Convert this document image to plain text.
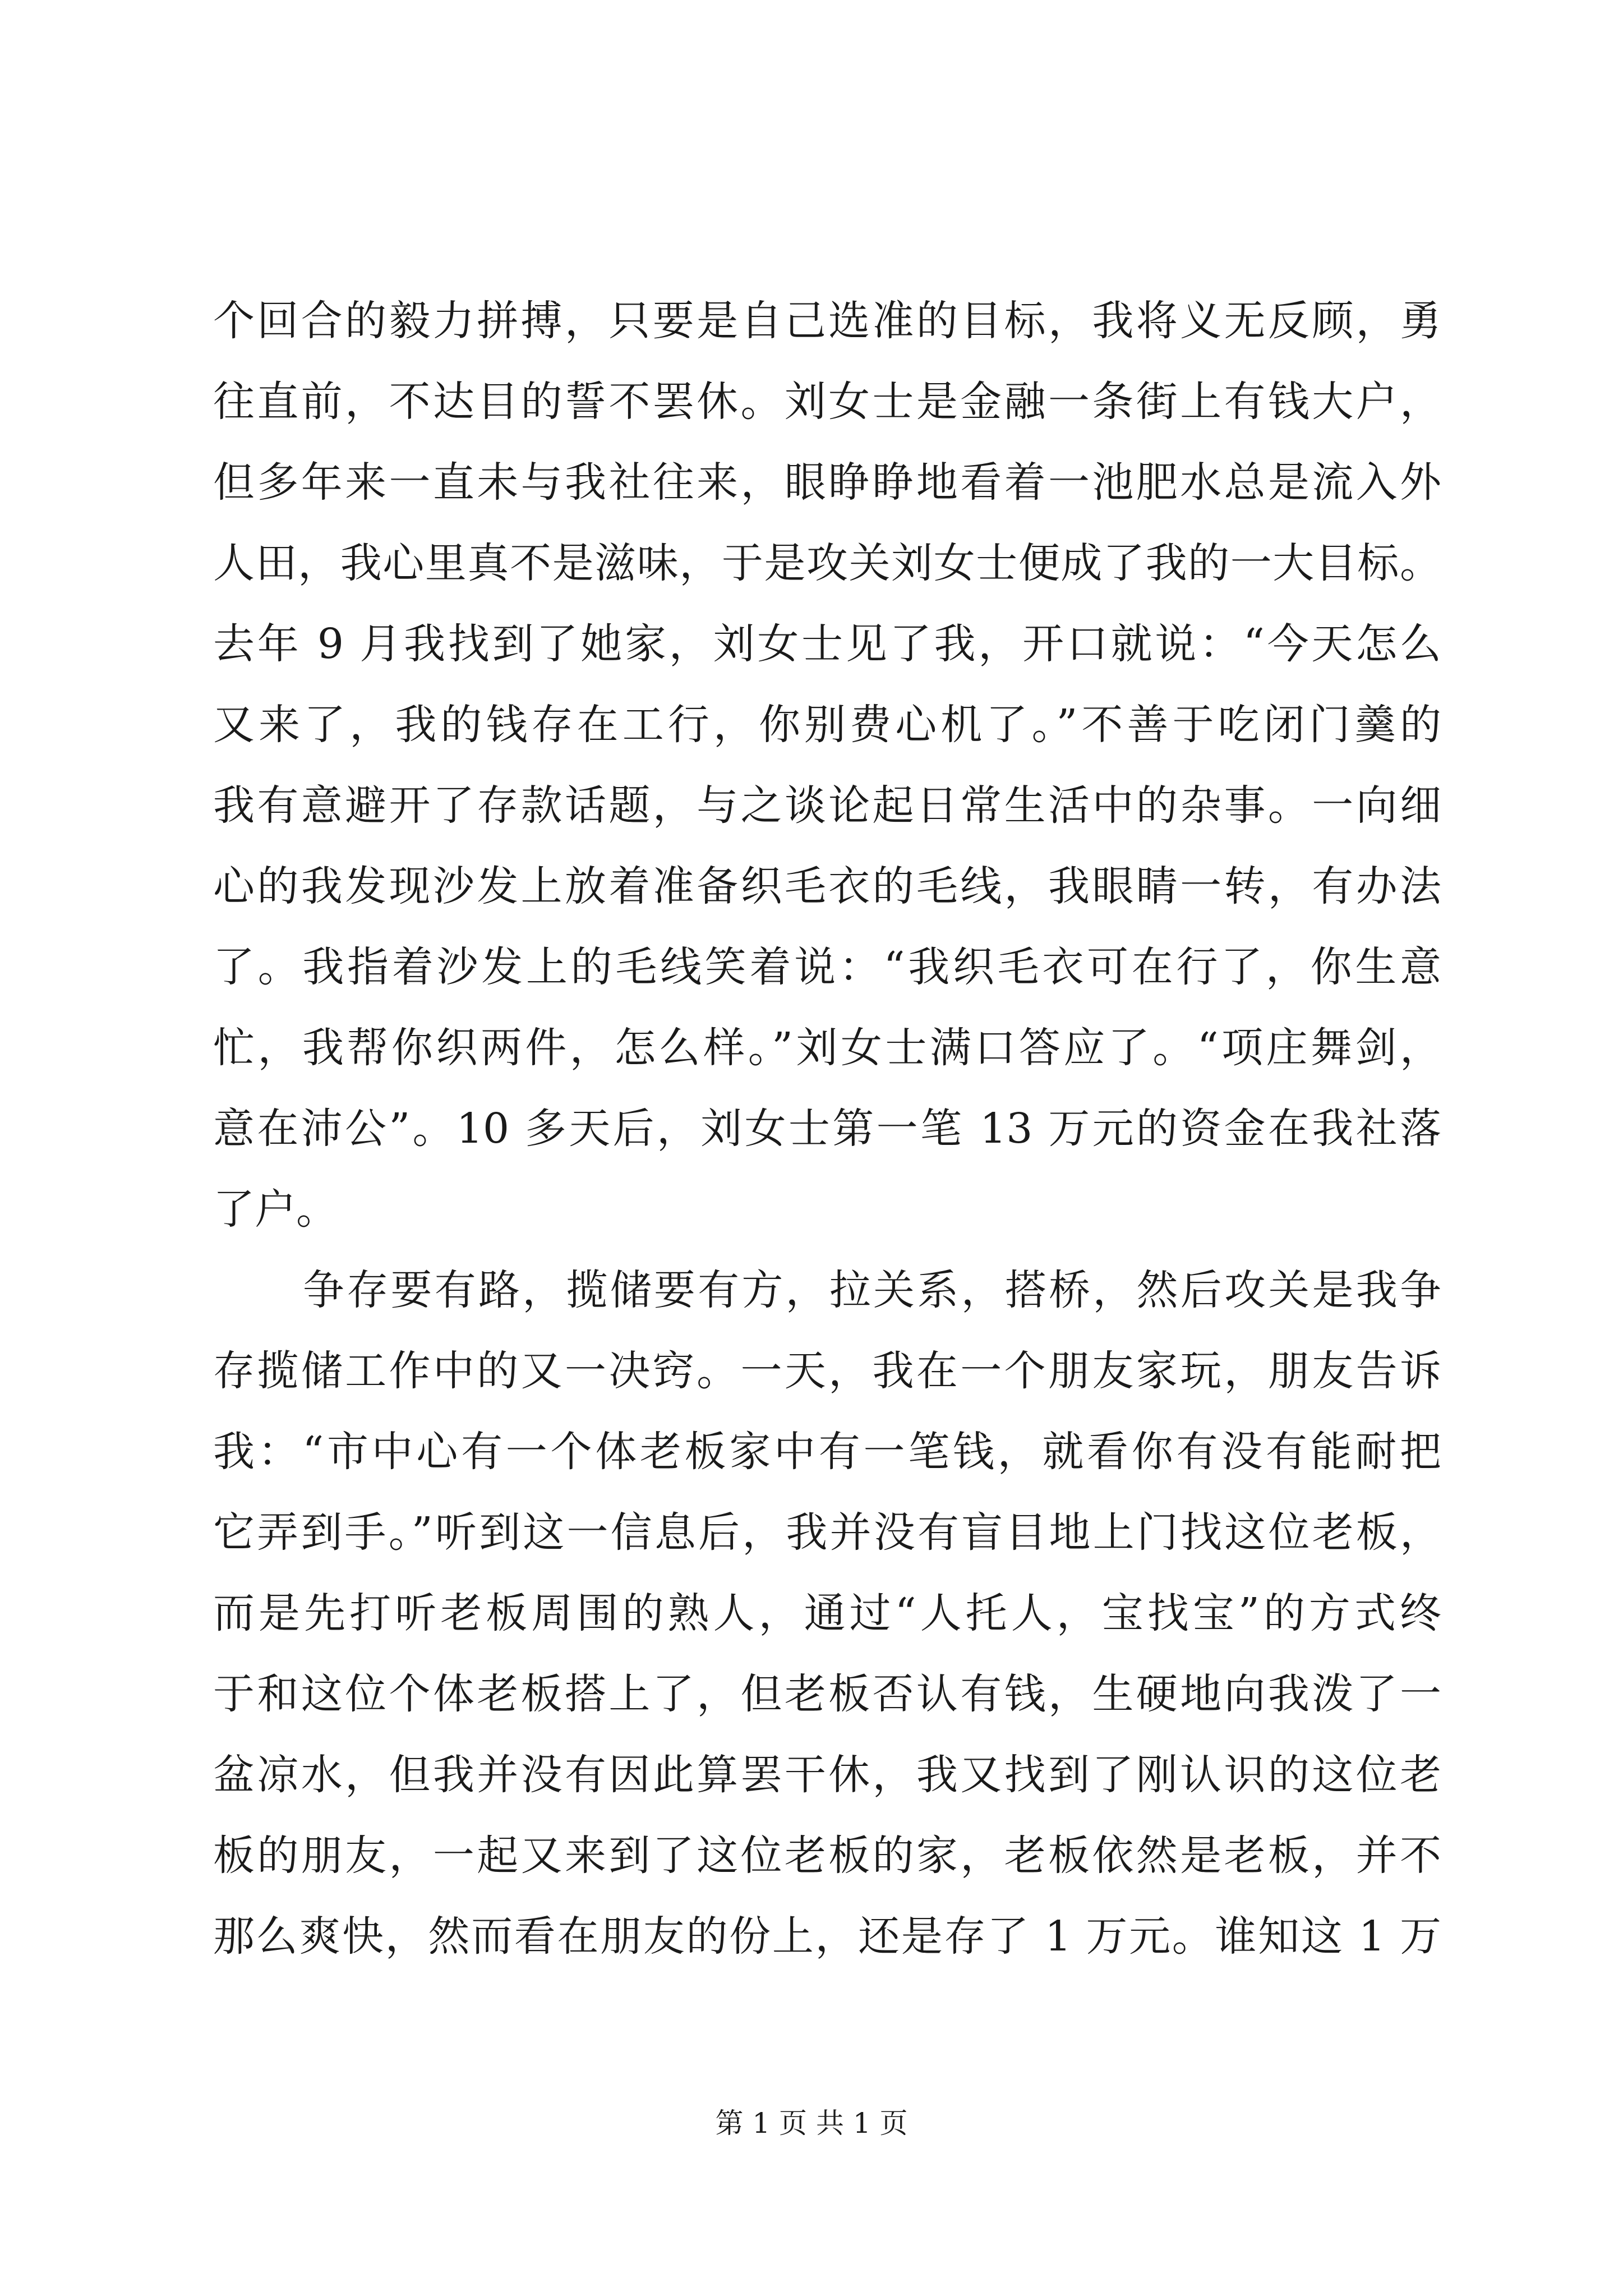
个回合的毅力拼搏，只要是自己选准的目标，我将义无反顾，勇
往直前，不达目的誓不罢休。刘女士是金融一条街上有钱大户，
但多年来一直未与我社往来，眼睁睁地看着一池肥水总是流入外
人田，我心里真不是滋味，于是攻关刘女士便成了我的一大目标。
去年 9 月我找到了她家，刘女士见了我，开口就说：“今天怎么
又来了，我的钱存在工行，你别费心机了。”不善于吃闭门羹的
我有意避开了存款话题，与之谈论起日常生活中的杂事。一向细
心的我发现沙发上放着准备织毛衣的毛线，我眼睛一转，有办法
了。我指着沙发上的毛线笑着说：“我织毛衣可在行了，你生意
忙，我帮你织两件，怎么样。”刘女士满口答应了。“项庄舞剑，
意在沛公”。10 多天后，刘女士第一笔 13 万元的资金在我社落
了户。
争存要有路，揽储要有方，拉关系，搭桥，然后攻关是我争
存揽储工作中的又一决窍。一天，我在一个朋友家玩，朋友告诉
我：“市中心有一个体老板家中有一笔钱，就看你有没有能耐把
它弄到手。”听到这一信息后，我并没有盲目地上门找这位老板，
而是先打听老板周围的熟人，通过“人托人，宝找宝”的方式终
于和这位个体老板搭上了，但老板否认有钱，生硬地向我泼了一
盆凉水，但我并没有因此算罢干休，我又找到了刚认识的这位老
板的朋友，一起又来到了这位老板的家，老板依然是老板，并不
那么爽快，然而看在朋友的份上，还是存了 1 万元。谁知这 1 万
第 1 页 共 1 页
